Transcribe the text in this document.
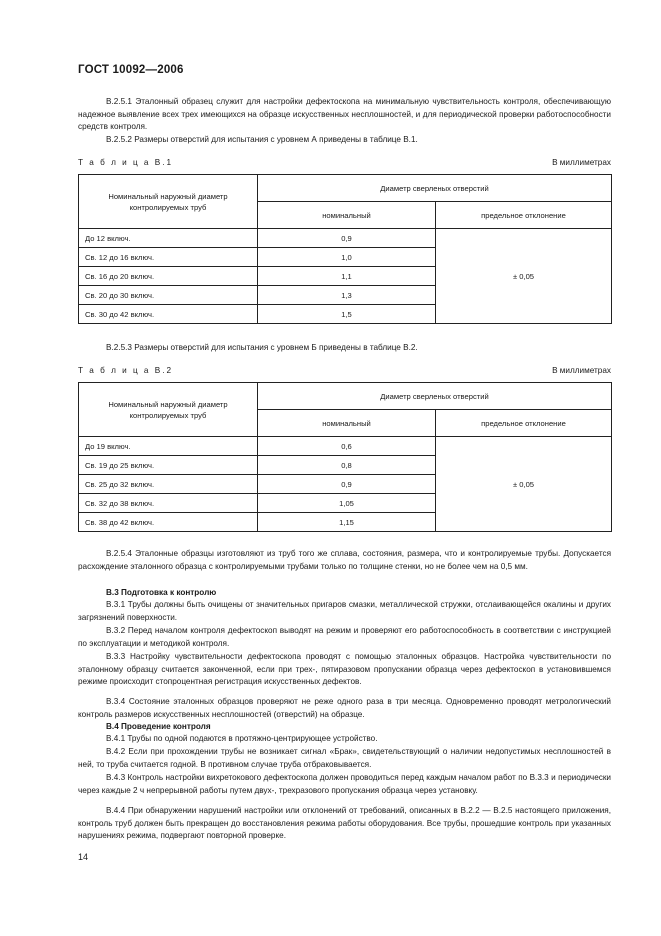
ГОСТ 10092—2006
В.2.5.1 Эталонный образец служит для настройки дефектоскопа на минимальную чувствительность контроля, обеспечивающую надежное выявление всех трех имеющихся на образце искусственных несплошностей, и для периодической проверки работоспособности средств контроля.
В.2.5.2 Размеры отверстий для испытания с уровнем А приведены в таблице В.1.
Т а б л и ц а В.1	В миллиметрах
Номинальный наружный диаметр контролируемых труб	Диаметр сверленых отверстий	
	номинальный	предельное отклонение
До 12 включ.	0,9	± 0,05
Св. 12 до 16 включ.	1,0	
Св. 16 до 20 включ.	1,1	
Св. 20 до 30 включ.	1,3	
Св. 30 до 42 включ.	1,5	
В.2.5.3 Размеры отверстий для испытания с уровнем Б приведены в таблице В.2.
Т а б л и ц а В.2	В миллиметрах
Номинальный наружный диаметр контролируемых труб	Диаметр сверленых отверстий	
	номинальный	предельное отклонение
До 19 включ.	0,6	± 0,05
Св. 19 до 25 включ.	0,8	
Св. 25 до 32 включ.	0,9	
Св. 32 до 38 включ.	1,05	
Св. 38 до 42 включ.	1,15	
В.2.5.4 Эталонные образцы изготовляют из труб того же сплава, состояния, размера, что и контролируемые трубы. Допускается расхождение эталонного образца с контролируемыми трубами только по толщине стенки, но не более чем на 0,5 мм.
В.3 Подготовка к контролю
В.3.1 Трубы должны быть очищены от значительных пригаров смазки, металлической стружки, отслаивающейся окалины и других загрязнений поверхности.
В.3.2 Перед началом контроля дефектоскоп выводят на режим и проверяют его работоспособность в соответствии с инструкцией по эксплуатации и методикой контроля.
В.3.3 Настройку чувствительности дефектоскопа проводят с помощью эталонных образцов. Настройка чувствительности по эталонному образцу считается законченной, если при трех-, пятиразовом пропускании образца через дефектоскоп в установившемся режиме происходит стопроцентная регистрация искусственных дефектов.
В.3.4 Состояние эталонных образцов проверяют не реже одного раза в три месяца. Одновременно проводят метрологический контроль размеров искусственных несплошностей (отверстий) на образце.
В.4 Проведение контроля
В.4.1 Трубы по одной подаются в протяжно-центрирующее устройство.
В.4.2 Если при прохождении трубы не возникает сигнал «Брак», свидетельствующий о наличии недопустимых несплошностей в ней, то труба считается годной. В противном случае труба отбраковывается.
В.4.3 Контроль настройки вихретокового дефектоскопа должен проводиться перед каждым началом работ по В.3.3 и периодически через каждые 2 ч непрерывной работы путем двух-, трехразового пропускания образца через установку.
В.4.4 При обнаружении нарушений настройки или отклонений от требований, описанных в В.2.2 — В.2.5 настоящего приложения, контроль труб должен быть прекращен до восстановления режима работы оборудования. Все трубы, прошедшие контроль при указанных нарушениях режима, подвергают повторной проверке.
14
